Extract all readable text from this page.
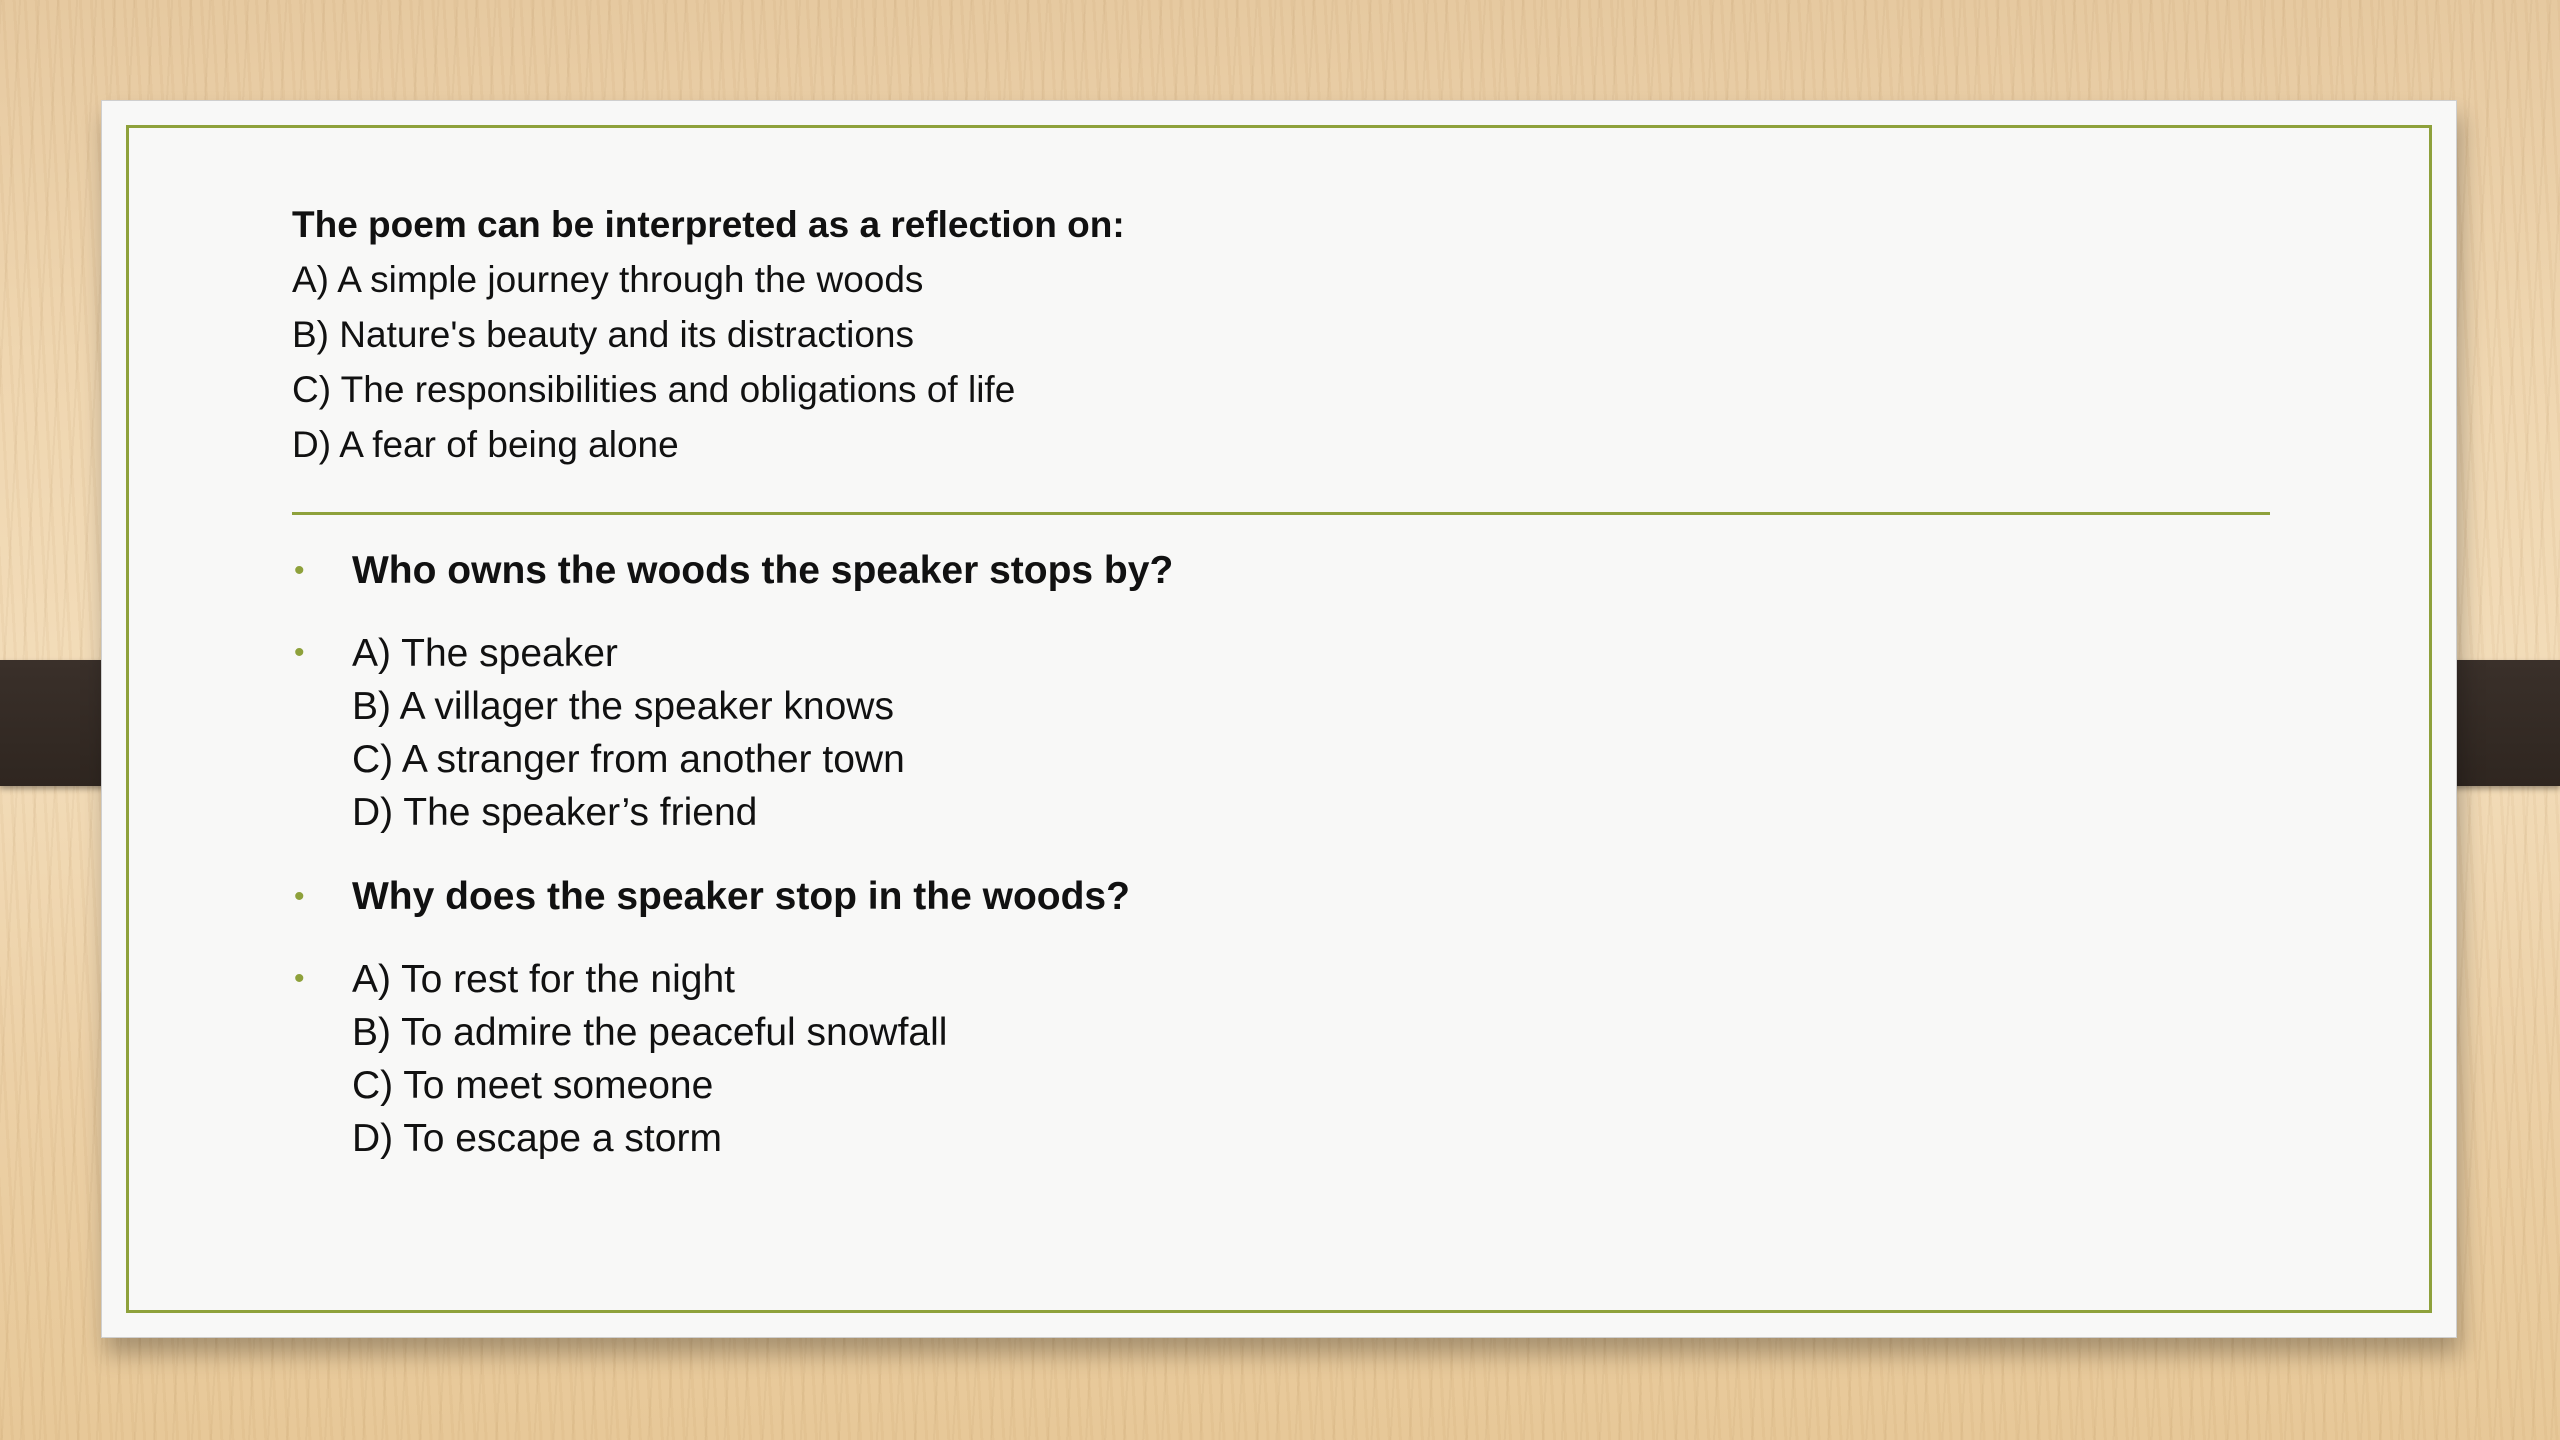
The poem can be interpreted as a reflection on:

A) A simple journey through the woods

B) Nature's beauty and its distractions

C) The responsibilities and obligations of life

D) A fear of being alone

• Who owns the woods the speaker stops by?

• A) The speaker

B) A villager the speaker knows

C) A stranger from another town

D) The speaker’s friend

• Why does the speaker stop in the woods?

• A) To rest for the night

B) To admire the peaceful snowfall

C) To meet someone

D) To escape a storm
